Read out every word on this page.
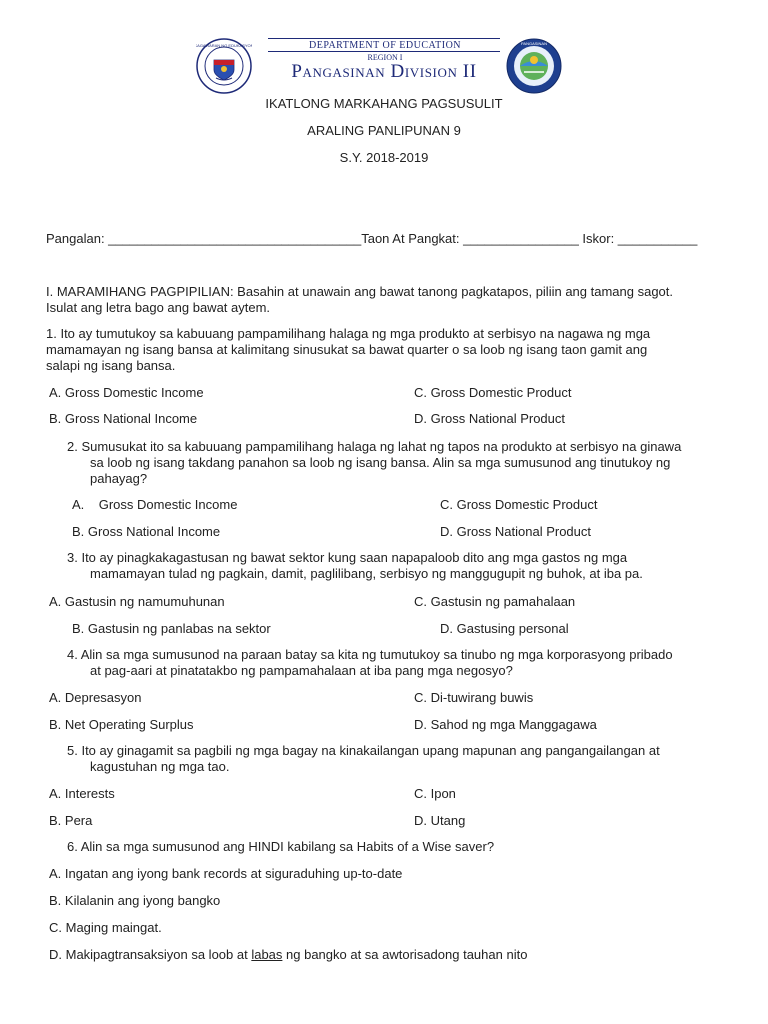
KAGAWARAN NG EDUKASYON	DEPARTMENT OF EDUCATION
REGION I
Pangasinan Division II
PANGASINAN
IKATLONG MARKAHANG PAGSUSULIT
ARALING PANLIPUNAN 9
S.Y. 2018-2019
Pangalan: ___________________________________Taon At Pangkat: ________________ Iskor: ___________
I. MARAMIHANG PAGPIPILIAN: Basahin at unawain ang bawat tanong pagkatapos, piliin ang tamang sagot.
Isulat ang letra bago ang bawat aytem.
1. Ito ay tumutukoy sa kabuuang pampamilihang halaga ng mga produkto at serbisyo na nagawa ng mga
mamamayan ng isang bansa at kalimitang sinusukat sa bawat quarter o sa loob ng isang taon gamit ang
salapi ng isang bansa.
A. Gross Domestic Income	C. Gross Domestic Product
B. Gross National Income	D. Gross National Product
2. Sumusukat ito sa kabuuang pampamilihang halaga ng lahat ng tapos na produkto at serbisyo na ginawa
sa loob ng isang takdang panahon sa loob ng isang bansa. Alin sa mga sumusunod ang tinutukoy ng
pahayag?
A.    Gross Domestic Income	C. Gross Domestic Product
B. Gross National Income	D. Gross National Product
3. Ito ay pinagkakagastusan ng bawat sektor kung saan napapaloob dito ang mga gastos ng mga
mamamayan tulad ng pagkain, damit, paglilibang, serbisyo ng manggugupit ng buhok, at iba pa.
A. Gastusin ng namumuhunan	C. Gastusin ng pamahalaan
B. Gastusin ng panlabas na sektor	D. Gastusing personal
4. Alin sa mga sumusunod na paraan batay sa kita ng tumutukoy sa tinubo ng mga korporasyong pribado
at pag-aari at pinatatakbo ng pampamahalaan at iba pang mga negosyo?
A. Depresasyon	C. Di-tuwirang buwis
B. Net Operating Surplus	D. Sahod ng mga Manggagawa
5. Ito ay ginagamit sa pagbili ng mga bagay na kinakailangan upang mapunan ang pangangailangan at
kagustuhan ng mga tao.
A. Interests	C. Ipon
B. Pera	D. Utang
6. Alin sa mga sumusunod ang HINDI kabilang sa Habits of a Wise saver?
A. Ingatan ang iyong bank records at siguraduhing up-to-date
B. Kilalanin ang iyong bangko
C. Maging maingat.
D. Makipagtransaksiyon sa loob at labas ng bangko at sa awtorisadong tauhan nito
